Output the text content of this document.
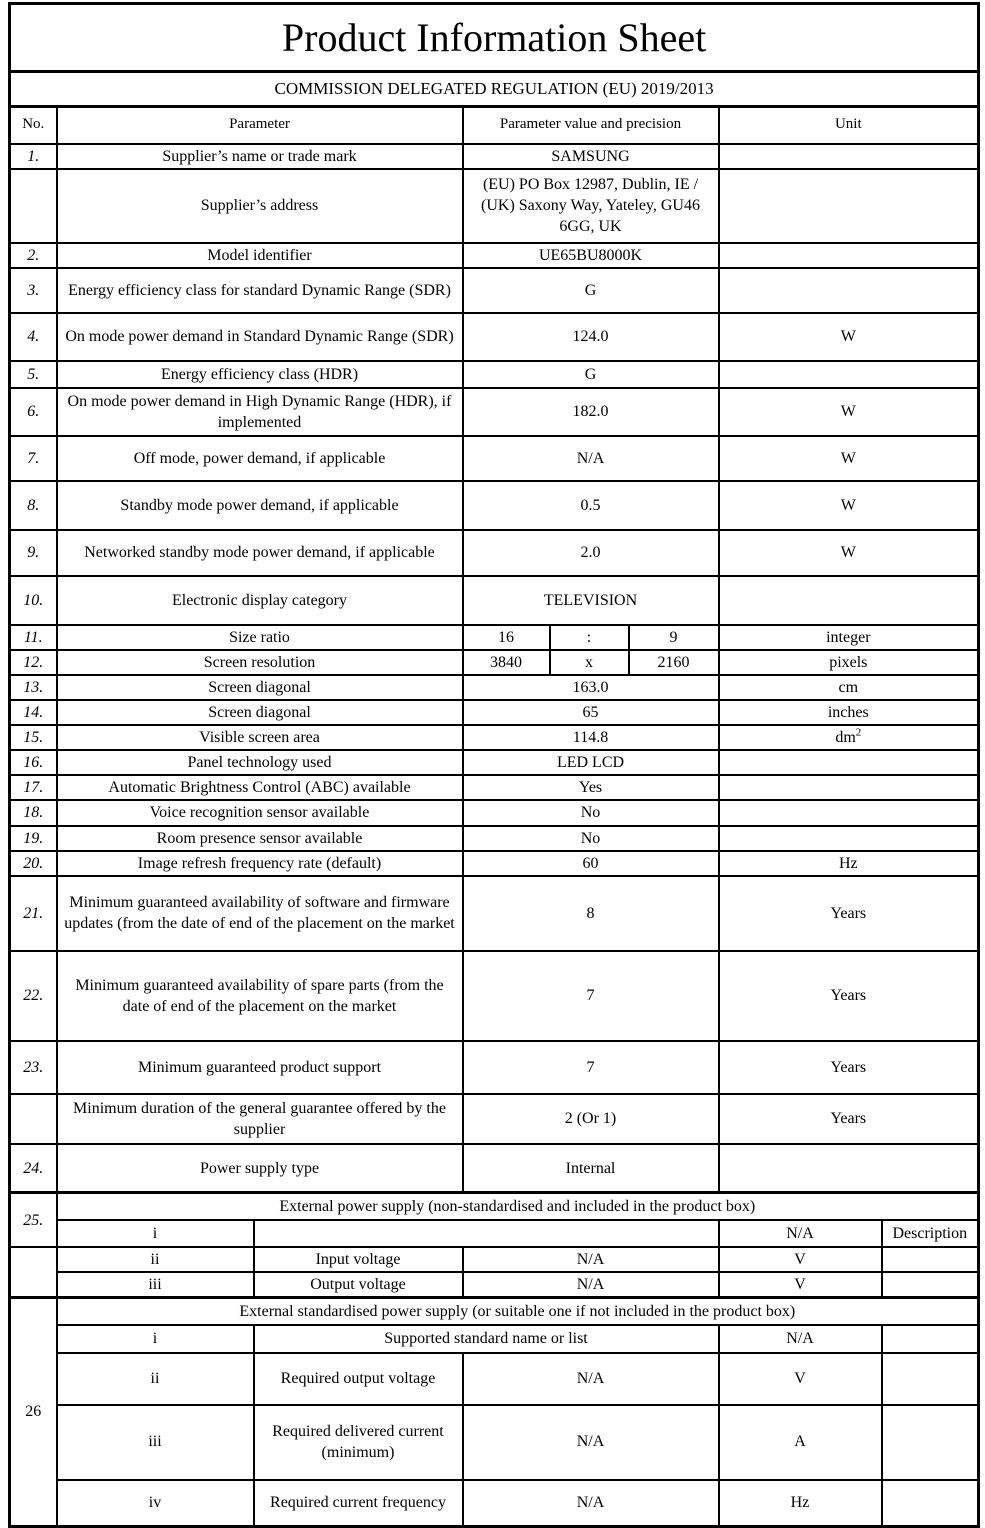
Product Information Sheet							
COMMISSION DELEGATED REGULATION (EU) 2019/2013							
No.	Parameter		Parameter value and precision			Unit	
1.	Supplier’s name or trade mark		SAMSUNG				
	Supplier’s address		(EU) PO Box 12987, Dublin, IE / (UK) Saxony Way, Yateley, GU46 6GG, UK				
2.	Model identifier		UE65BU8000K				
3.	Energy efficiency class for standard Dynamic Range (SDR)		G				
4.	On mode power demand in Standard Dynamic Range (SDR)		124.0			W	
5.	Energy efficiency class (HDR)		G				
6.	On mode power demand in High Dynamic Range (HDR), if implemented		182.0			W	
7.	Off mode, power demand, if applicable		N/A			W	
8.	Standby mode power demand, if applicable		0.5			W	
9.	Networked standby mode power demand, if applicable		2.0			W	
10.	Electronic display category		TELEVISION				
11.	Size ratio		16	:	9	integer	
12.	Screen resolution		3840	x	2160	pixels	
13.	Screen diagonal		163.0			cm	
14.	Screen diagonal		65			inches	
15.	Visible screen area		114.8			$dm^2$
16.	Panel technology used		LED LCD				
17.	Automatic Brightness Control (ABC) available		Yes				
18.	Voice recognition sensor available		No				
19.	Room presence sensor available		No				
20.	Image refresh frequency rate (default)		60			Hz	
21.	Minimum guaranteed availability of software and firmware updates (from the date of end of the placement on the market		8			Years	
22.	Minimum guaranteed availability of spare parts (from the date of end of the placement on the market		7			Years	
23.	Minimum guaranteed product support		7			Years	
	Minimum duration of the general guarantee offered by the supplier		2 (Or 1)			Years	
24.	Power supply type		Internal				
25.	External power supply (non-standardised and included in the product box)						
	i					N/A	Description
	ii	Input voltage	N/A			V	
	iii	Output voltage	N/A			V	
26	External standardised power supply (or suitable one if not included in the product box)						
	i	Supported standard name or list				N/A	
	ii	Required output voltage	N/A			V	
	iii	Required delivered current (minimum)	N/A			A	
	iv	Required current frequency	N/A			Hz	
